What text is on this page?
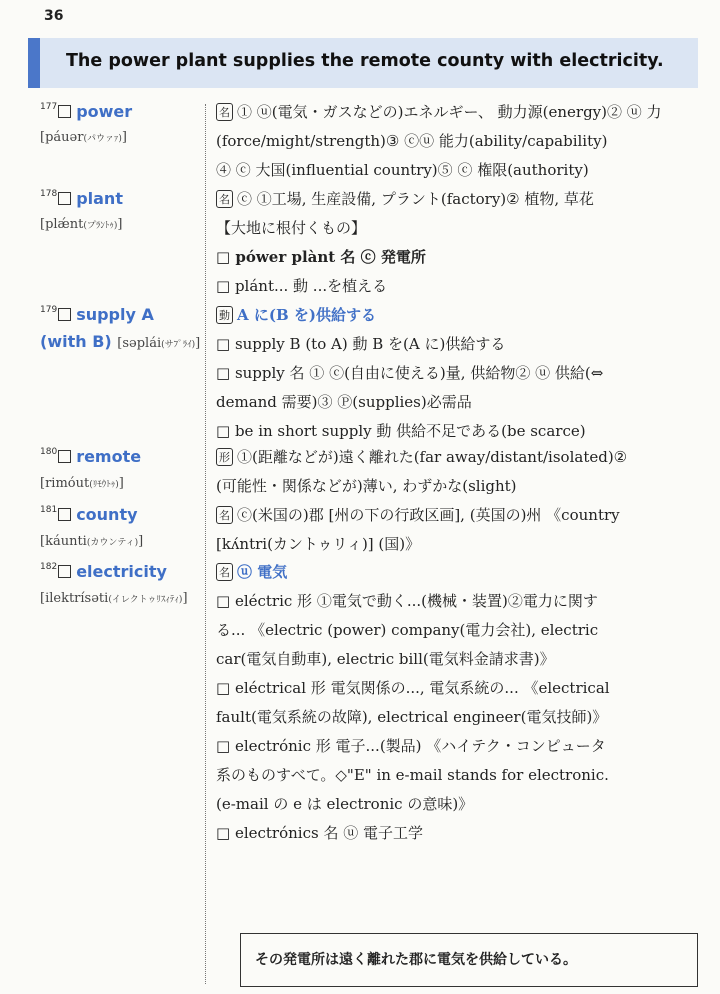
36
The power plant supplies the remote county with electricity.
$^{177}$ power
[páuər(パウァｧ)]
$^{178}$ plant
[plǽnt(プﾗﾝﾄｩ)]
$^{179}$ supply A
(with B) [səplái(サﾌﾟﾗｲ)]
$^{180}$ remote
[rimóut(ﾘﾓｳﾄｩ)]
$^{181}$ county
[káunti(カウンティ)]
$^{182}$ electricity
[ilektrísəti(イレクトゥﾘｽｨﾃｨ)]
名 ① ⓤ(電気・ガスなどの)エネルギー、 動力源(energy)② ⓤ 力
(force/might/strength)③ ⓒⓤ 能力(ability/capability)
④ ⓒ 大国(influential country)⑤ ⓒ 権限(authority)
名 ⓒ ①工場, 生産設備, プラント(factory)② 植物, 草花
【大地に根付くもの】
□ pówer plànt 名 ⓒ 発電所
□ plánt... 動 ...を植える
動 A に(B を)供給する
□ supply B (to A) 動 B を(A に)供給する
□ supply 名 ① ⓒ(自由に使える)量, 供給物② ⓤ 供給(⇔
demand 需要)③ Ⓟ(supplies)必需品
□ be in short supply 動 供給不足である(be scarce)
形 ①(距離などが)遠く離れた(far away/distant/isolated)②
(可能性・関係などが)薄い, わずかな(slight)
名 ⓒ(米国の)郡 [州の下の行政区画], (英国の)州 《country
[kʌ́ntri(カントゥリィ)] (国)》
名 ⓤ 電気
□ eléctric 形 ①電気で動く...(機械・装置)②電力に関す
る... 《electric (power) company(電力会社), electric
car(電気自動車), electric bill(電気料金請求書)》
□ eléctrical 形 電気関係の..., 電気系統の... 《electrical
fault(電気系統の故障), electrical engineer(電気技師)》
□ electrónic 形 電子...(製品) 《ハイテク・コンピュータ
系のものすべて。◇"E" in e-mail stands for electronic.
(e-mail の e は electronic の意味)》
□ electrónics 名 ⓤ 電子工学
その発電所は遠く離れた郡に電気を供給している。
